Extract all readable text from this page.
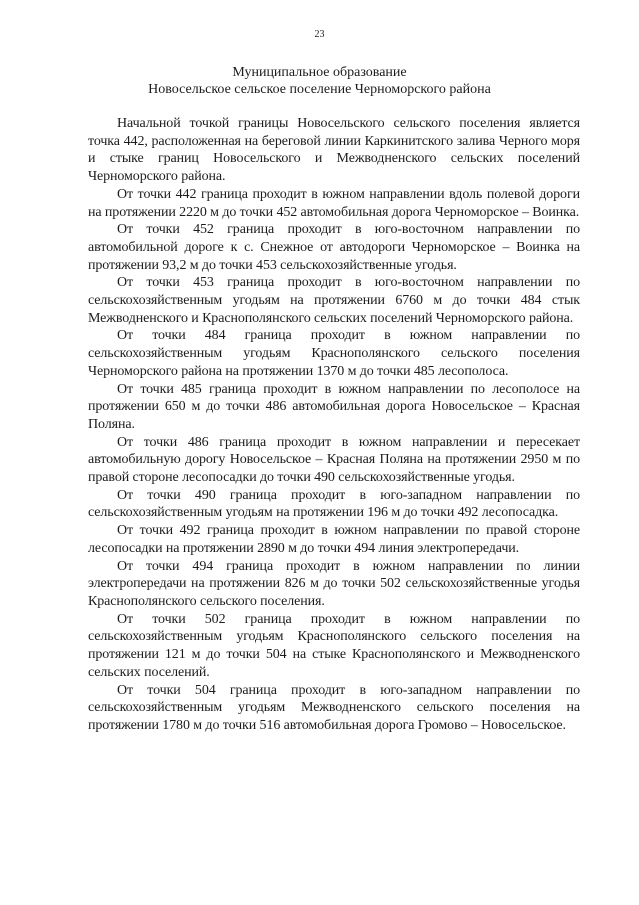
23
Муниципальное образование
Новосельское сельское поселение Черноморского района

Начальной точкой границы Новосельского сельского поселения является точка 442, расположенная на береговой линии Каркинитского залива Черного моря и стыке границ Новосельского и Межводненского сельских поселений Черноморского района.

От точки 442 граница проходит в южном направлении вдоль полевой дороги на протяжении 2220 м до точки 452 автомобильная дорога Черноморское – Воинка.

От точки 452 граница проходит в юго-восточном направлении по автомобильной дороге к с. Снежное от автодороги Черноморское – Воинка на протяжении 93,2 м до точки 453 сельскохозяйственные угодья.

От точки 453 граница проходит в юго-восточном направлении по сельскохозяйственным угодьям на протяжении 6760 м до точки 484 стык Межводненского и Краснополянского сельских поселений Черноморского района.

От точки 484 граница проходит в южном направлении по сельскохозяйственным угодьям Краснополянского сельского поселения Черноморского района на протяжении 1370 м до точки 485 лесополоса.

От точки 485 граница проходит в южном направлении по лесополосе на протяжении 650 м до точки 486 автомобильная дорога Новосельское – Красная Поляна.

От точки 486 граница проходит в южном направлении и пересекает автомобильную дорогу Новосельское – Красная Поляна на протяжении 2950 м по правой стороне лесопосадки до точки 490 сельскохозяйственные угодья.

От точки 490 граница проходит в юго-западном направлении по сельскохозяйственным угодьям на протяжении 196 м до точки 492 лесопосадка.

От точки 492 граница проходит в южном направлении по правой стороне лесопосадки на протяжении 2890 м до точки 494 линия электропередачи.

От точки 494 граница проходит в южном направлении по линии электропередачи на протяжении 826 м до точки 502 сельскохозяйственные угодья Краснополянского сельского поселения.

От точки 502 граница проходит в южном направлении по сельскохозяйственным угодьям Краснополянского сельского поселения на протяжении 121 м до точки 504 на стыке Краснополянского и Межводненского сельских поселений.

От точки 504 граница проходит в юго-западном направлении по сельскохозяйственным угодьям Межводненского сельского поселения на протяжении 1780 м до точки 516 автомобильная дорога Громово – Новосельское.
